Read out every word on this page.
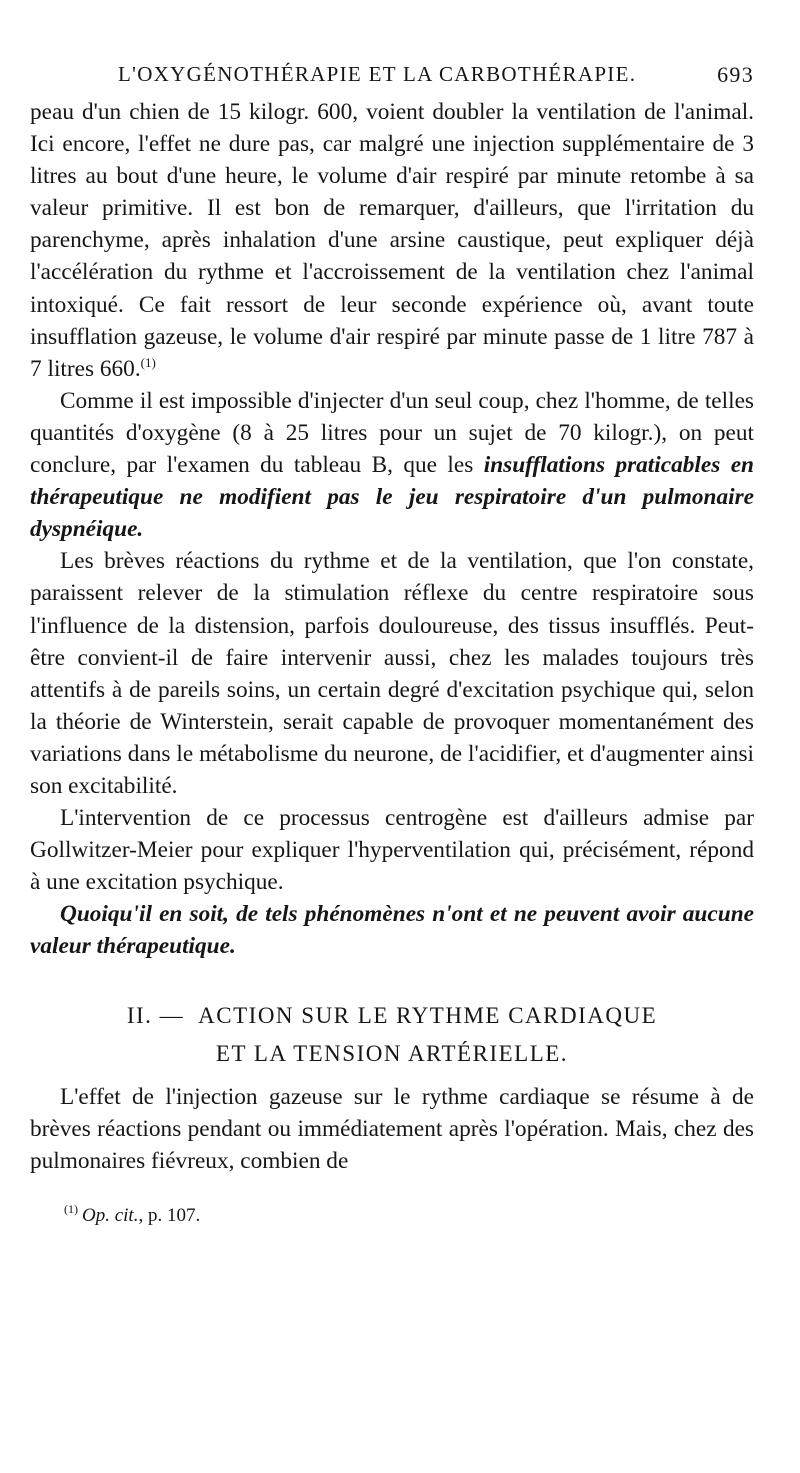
L'OXYGÉNOTHÉRAPIE ET LA CARBOTHÉRAPIE.	693

peau d'un chien de 15 kilogr. 600, voient doubler la ventilation de l'animal. Ici encore, l'effet ne dure pas, car malgré une injection supplémentaire de 3 litres au bout d'une heure, le volume d'air respiré par minute retombe à sa valeur primitive. Il est bon de remarquer, d'ailleurs, que l'irritation du parenchyme, après inhalation d'une arsine caustique, peut expliquer déjà l'accélération du rythme et l'accroissement de la ventilation chez l'animal intoxiqué. Ce fait ressort de leur seconde expérience où, avant toute insufflation gazeuse, le volume d'air respiré par minute passe de 1 litre 787 à 7 litres 660.$^{(1)}$

Comme il est impossible d'injecter d'un seul coup, chez l'homme, de telles quantités d'oxygène (8 à 25 litres pour un sujet de 70 kilogr.), on peut conclure, par l'examen du tableau B, que les insufflations praticables en thérapeutique ne modifient pas le jeu respiratoire d'un pulmonaire dyspnéique.

Les brèves réactions du rythme et de la ventilation, que l'on constate, paraissent relever de la stimulation réflexe du centre respiratoire sous l'influence de la distension, parfois douloureuse, des tissus insufflés. Peut-être convient-il de faire intervenir aussi, chez les malades toujours très attentifs à de pareils soins, un certain degré d'excitation psychique qui, selon la théorie de Winterstein, serait capable de provoquer momentanément des variations dans le métabolisme du neurone, de l'acidifier, et d'augmenter ainsi son excitabilité.

L'intervention de ce processus centrogène est d'ailleurs admise par Gollwitzer-Meier pour expliquer l'hyperventilation qui, précisément, répond à une excitation psychique.

Quoiqu'il en soit, de tels phénomènes n'ont et ne peuvent avoir aucune valeur thérapeutique.

II. — ACTION SUR LE RYTHME CARDIAQUE
ET LA TENSION ARTÉRIELLE.

L'effet de l'injection gazeuse sur le rythme cardiaque se résume à de brèves réactions pendant ou immédiatement après l'opération. Mais, chez des pulmonaires fiévreux, combien de

$^{(1)}$ Op. cit., p. 107.
